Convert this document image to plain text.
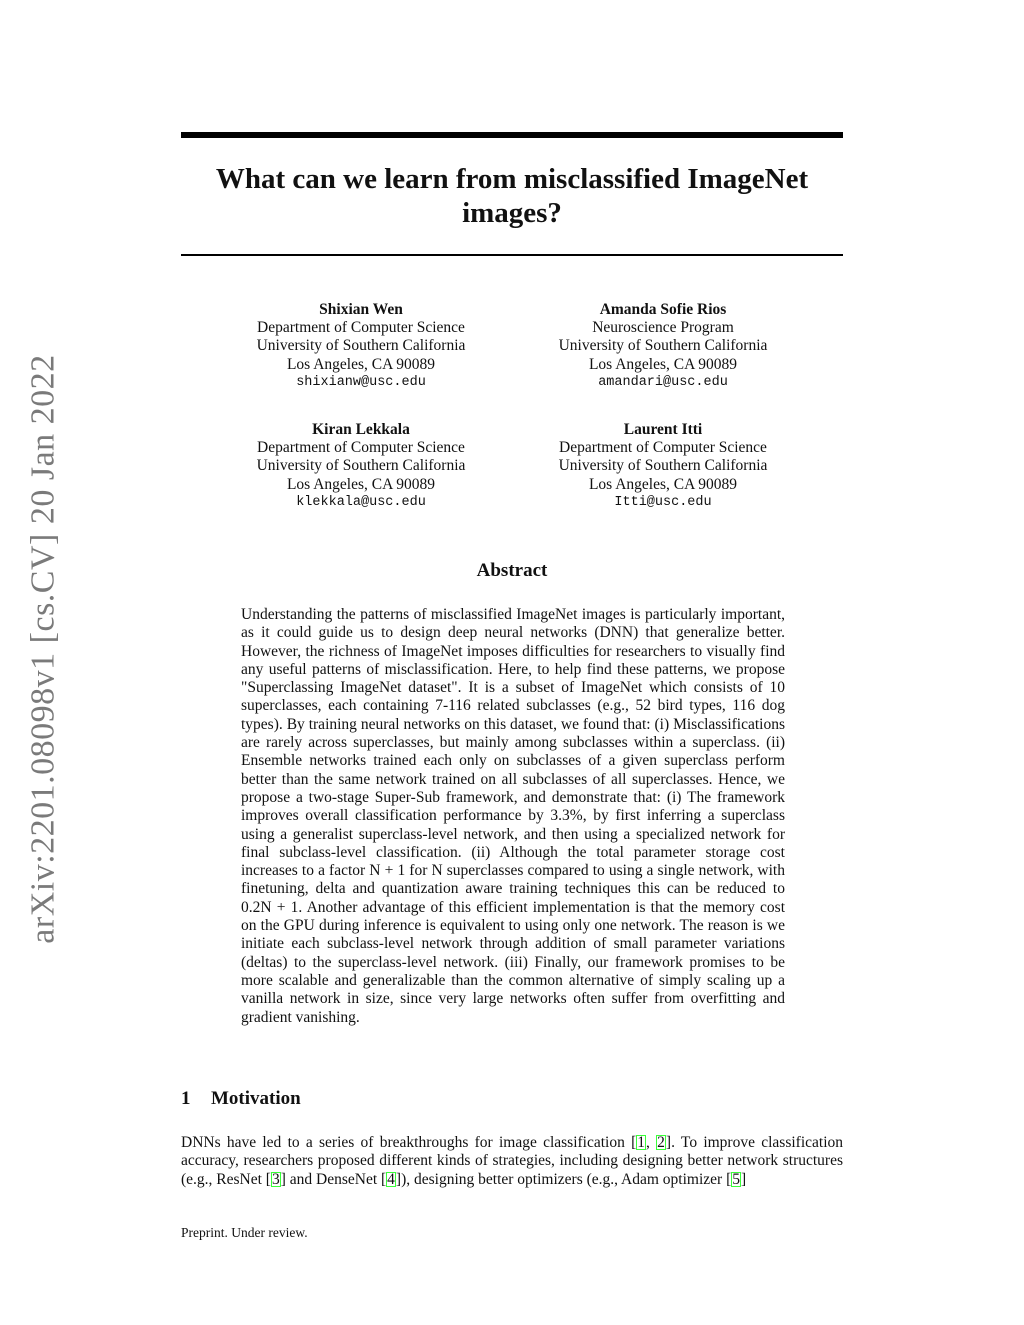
arXiv:2201.08098v1 [cs.CV] 20 Jan 2022
What can we learn from misclassified ImageNet images?
Shixian Wen
Department of Computer Science
University of Southern California
Los Angeles, CA 90089
shixianw@usc.edu
Amanda Sofie Rios
Neuroscience Program
University of Southern California
Los Angeles, CA 90089
amandari@usc.edu
Kiran Lekkala
Department of Computer Science
University of Southern California
Los Angeles, CA 90089
klekkala@usc.edu
Laurent Itti
Department of Computer Science
University of Southern California
Los Angeles, CA 90089
Itti@usc.edu
Abstract

Understanding the patterns of misclassified ImageNet images is particularly important, as it could guide us to design deep neural networks (DNN) that generalize better. However, the richness of ImageNet imposes difficulties for researchers to visually find any useful patterns of misclassification. Here, to help find these patterns, we propose "Superclassing ImageNet dataset". It is a subset of ImageNet which consists of 10 superclasses, each containing 7-116 related subclasses (e.g., 52 bird types, 116 dog types). By training neural networks on this dataset, we found that: (i) Misclassifications are rarely across superclasses, but mainly among subclasses within a superclass. (ii) Ensemble networks trained each only on subclasses of a given superclass perform better than the same network trained on all subclasses of all superclasses. Hence, we propose a two-stage Super-Sub framework, and demonstrate that: (i) The framework improves overall classification performance by 3.3%, by first inferring a superclass using a generalist superclass-level network, and then using a specialized network for final subclass-level classification. (ii) Although the total parameter storage cost increases to a factor N + 1 for N superclasses compared to using a single network, with finetuning, delta and quantization aware training techniques this can be reduced to 0.2N + 1. Another advantage of this efficient implementation is that the memory cost on the GPU during inference is equivalent to using only one network. The reason is we initiate each subclass-level network through addition of small parameter variations (deltas) to the superclass-level network. (iii) Finally, our framework promises to be more scalable and generalizable than the common alternative of simply scaling up a vanilla network in size, since very large networks often suffer from overfitting and gradient vanishing.

1 Motivation

DNNs have led to a series of breakthroughs for image classification [1, 2]. To improve classification accuracy, researchers proposed different kinds of strategies, including designing better network structures (e.g., ResNet [3] and DenseNet [4]), designing better optimizers (e.g., Adam optimizer [5]

Preprint. Under review.
